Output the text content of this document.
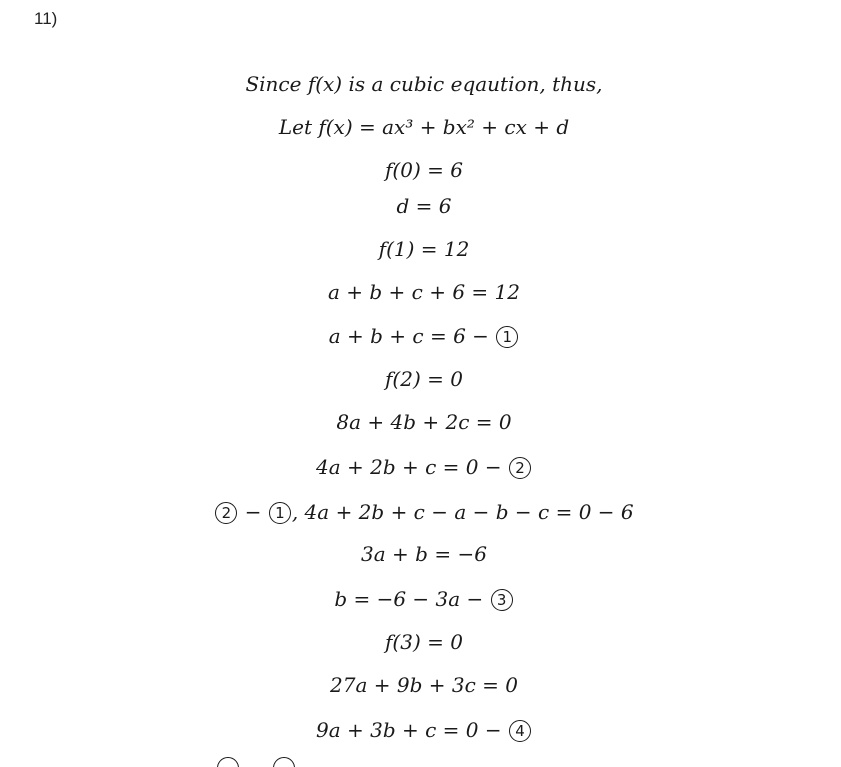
11)
Since f(x) is a cubic eqaution, thus,
Let f(x) = ax³ + bx² + cx + d
f(0) = 6
d = 6
f(1) = 12
a + b + c + 6 = 12
a + b + c = 6 − 1
f(2) = 0
8a + 4b + 2c = 0
4a + 2b + c = 0 − 2
2 − 1 , 4a + 2b + c − a − b − c = 0 − 6
3a + b = −6
b = −6 − 3a − 3
f(3) = 0
27a + 9b + 3c = 0
9a + 3b + c = 0 − 4
